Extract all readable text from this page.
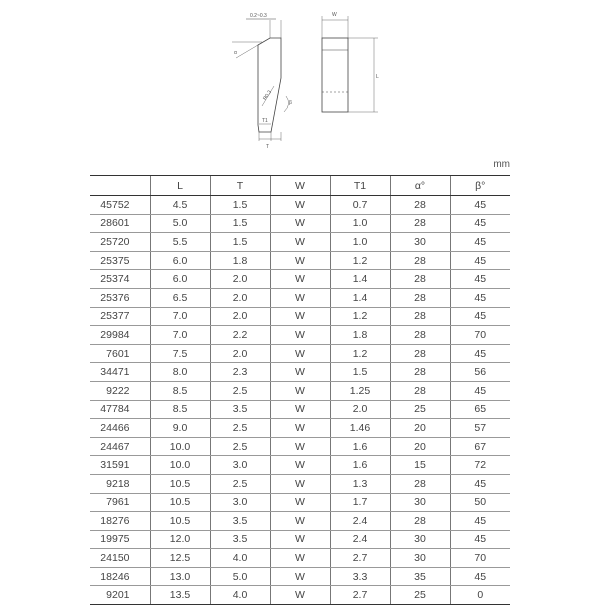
0.2~0.3
α
R0.3
β
T1
T
W
L
mm
	L	T	W	T1	α°	β°
45752	4.5	1.5	W	0.7	28	45
28601	5.0	1.5	W	1.0	28	45
25720	5.5	1.5	W	1.0	30	45
25375	6.0	1.8	W	1.2	28	45
25374	6.0	2.0	W	1.4	28	45
25376	6.5	2.0	W	1.4	28	45
25377	7.0	2.0	W	1.2	28	45
29984	7.0	2.2	W	1.8	28	70
7601	7.5	2.0	W	1.2	28	45
34471	8.0	2.3	W	1.5	28	56
9222	8.5	2.5	W	1.25	28	45
47784	8.5	3.5	W	2.0	25	65
24466	9.0	2.5	W	1.46	20	57
24467	10.0	2.5	W	1.6	20	67
31591	10.0	3.0	W	1.6	15	72
9218	10.5	2.5	W	1.3	28	45
7961	10.5	3.0	W	1.7	30	50
18276	10.5	3.5	W	2.4	28	45
19975	12.0	3.5	W	2.4	30	45
24150	12.5	4.0	W	2.7	30	70
18246	13.0	5.0	W	3.3	35	45
9201	13.5	4.0	W	2.7	25	0
